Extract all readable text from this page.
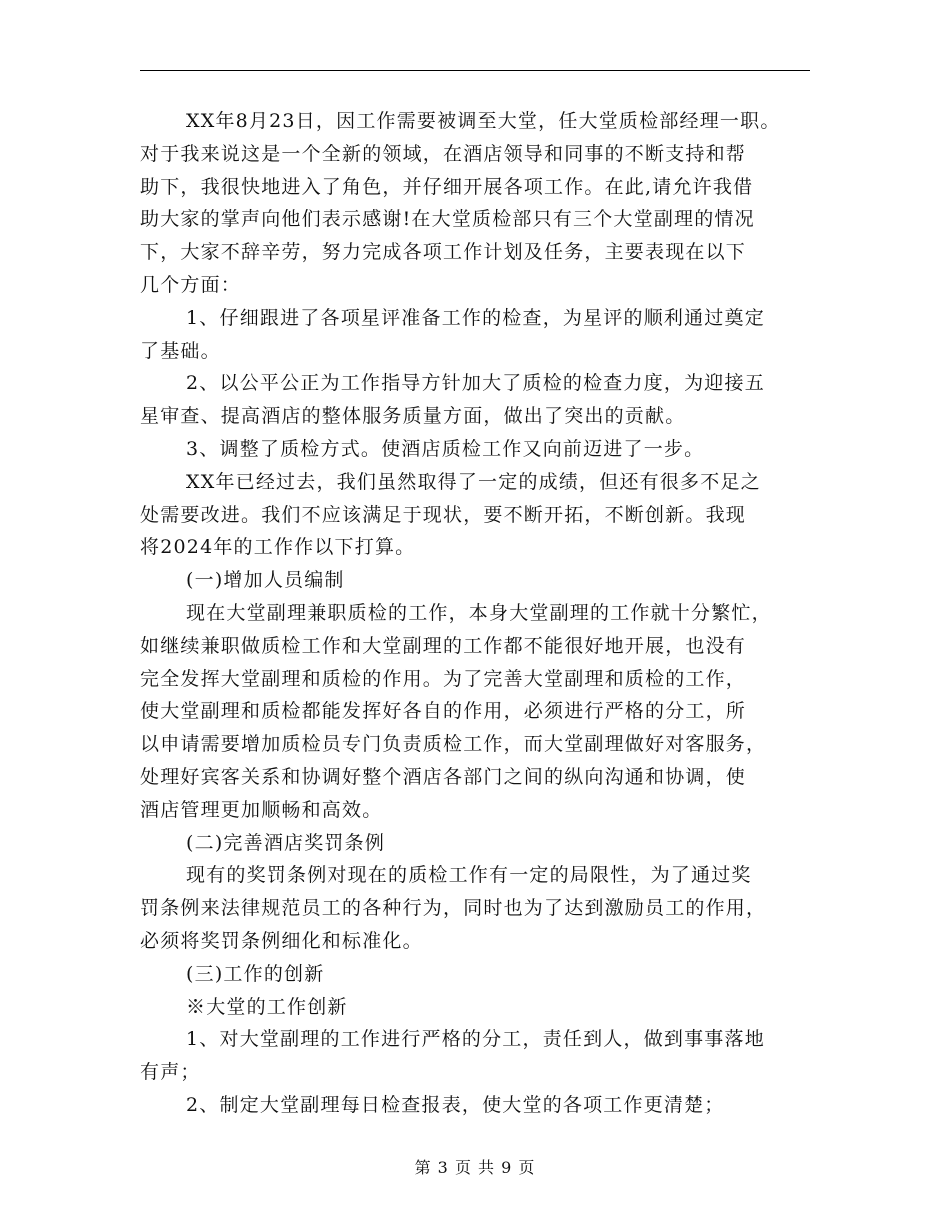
XX年8月23日，因工作需要被调至大堂，任大堂质检部经理一职。
对于我来说这是一个全新的领域，在酒店领导和同事的不断支持和帮
助下，我很快地进入了角色，并仔细开展各项工作。在此,请允许我借
助大家的掌声向他们表示感谢!在大堂质检部只有三个大堂副理的情况
下，大家不辞辛劳，努力完成各项工作计划及任务，主要表现在以下
几个方面：
1、仔细跟进了各项星评准备工作的检查，为星评的顺利通过奠定
了基础。
2、以公平公正为工作指导方针加大了质检的检查力度，为迎接五
星审查、提高酒店的整体服务质量方面，做出了突出的贡献。
3、调整了质检方式。使酒店质检工作又向前迈进了一步。
XX年已经过去，我们虽然取得了一定的成绩，但还有很多不足之
处需要改进。我们不应该满足于现状，要不断开拓，不断创新。我现
将2024年的工作作以下打算。
(一)增加人员编制
现在大堂副理兼职质检的工作，本身大堂副理的工作就十分繁忙，
如继续兼职做质检工作和大堂副理的工作都不能很好地开展，也没有
完全发挥大堂副理和质检的作用。为了完善大堂副理和质检的工作，
使大堂副理和质检都能发挥好各自的作用，必须进行严格的分工，所
以申请需要增加质检员专门负责质检工作，而大堂副理做好对客服务，
处理好宾客关系和协调好整个酒店各部门之间的纵向沟通和协调，使
酒店管理更加顺畅和高效。
(二)完善酒店奖罚条例
现有的奖罚条例对现在的质检工作有一定的局限性，为了通过奖
罚条例来法律规范员工的各种行为，同时也为了达到激励员工的作用，
必须将奖罚条例细化和标准化。
(三)工作的创新
※大堂的工作创新
1、对大堂副理的工作进行严格的分工，责任到人，做到事事落地
有声；
2、制定大堂副理每日检查报表，使大堂的各项工作更清楚；
第 3 页 共 9 页
